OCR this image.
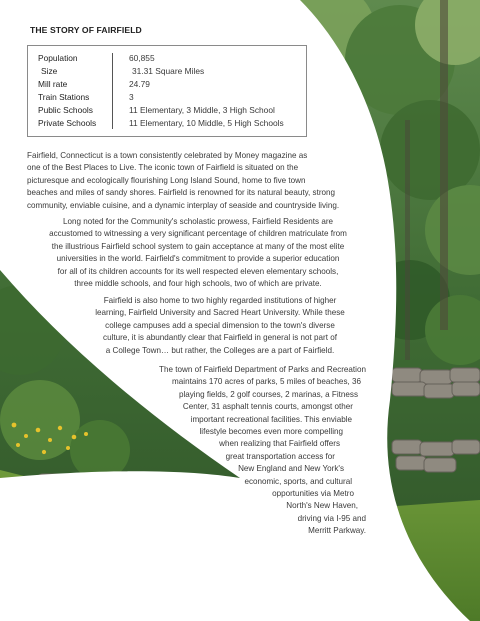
THE STORY OF FAIRFIELD
Population	60,855
Size	31.31 Square Miles
Mill rate	24.79
Train Stations	3
Public Schools	11 Elementary, 3 Middle, 3 High School
Private Schools	11 Elementary, 10 Middle, 5 High Schools
Fairfield, Connecticut is a town consistently celebrated by Money magazine as
one of the Best Places to Live. The iconic town of Fairfield is situated on the
picturesque and ecologically flourishing Long Island Sound, home to five town
beaches and miles of sandy shores. Fairfield is renowned for its natural beauty, strong
community, enviable cuisine, and a dynamic interplay of seaside and countryside living.
Long noted for the Community's scholastic prowess, Fairfield Residents are
accustomed to witnessing a very significant percentage of children matriculate from
the illustrious Fairfield school system to gain acceptance at many of the most elite
universities in the world. Fairfield's commitment to provide a superior education
for all of its children accounts for its well respected eleven elementary schools,
three middle schools, and four high schools, two of which are private.
Fairfield is also home to two highly regarded institutions of higher
learning, Fairfield University and Sacred Heart University. While these
college campuses add a special dimension to the town's diverse
culture, it is abundantly clear that Fairfield in general is not part of
a College Town… but rather, the Colleges are a part of Fairfield.
The town of Fairfield Department of Parks and Recreation
maintains 170 acres of parks, 5 miles of beaches, 36
playing fields, 2 golf courses, 2 marinas, a Fitness
Center, 31 asphalt tennis courts, amongst other
important recreational facilities. This enviable
lifestyle becomes even more compelling
when realizing that Fairfield offers
great transportation access for
New England and New York's
economic, sports, and cultural
opportunities via Metro
North's New Haven,
driving via I-95 and
Merritt Parkway.
